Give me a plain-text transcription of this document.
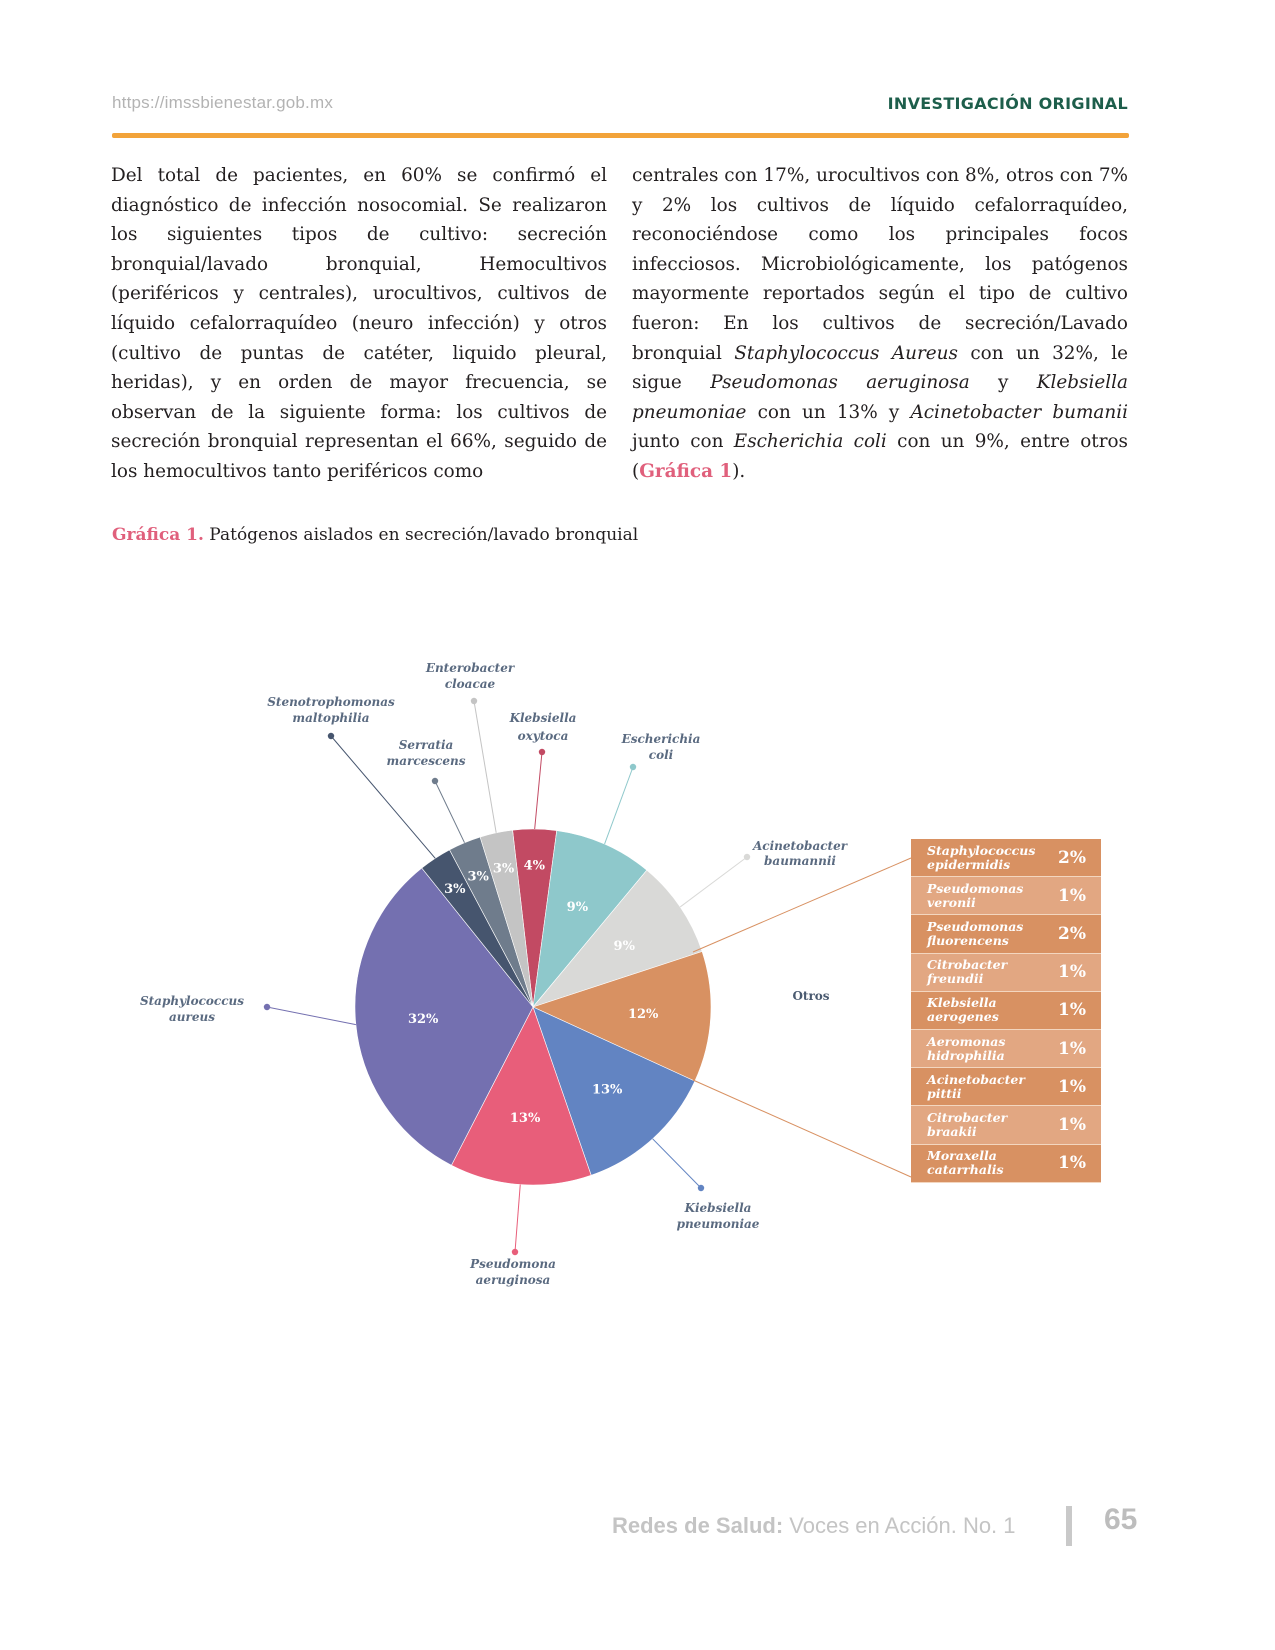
https://imssbienestar.gob.mx	INVESTIGACIÓN ORIGINAL
Del total de pacientes, en 60% se confirmó el diagnóstico de infección nosocomial. Se realizaron los siguientes tipos de cultivo: secreción bronquial/lavado bronquial, Hemocultivos (periféricos y centrales), urocultivos, cultivos de líquido cefalorraquídeo (neuro infección) y otros (cultivo de puntas de catéter, liquido pleural, heridas), y en orden de mayor frecuencia, se observan de la siguiente forma: los cultivos de secreción bronquial representan el 66%, seguido de los hemocultivos tanto periféricos como
centrales con 17%, urocultivos con 8%, otros con 7% y 2% los cultivos de líquido cefalorraquídeo, reconociéndose como los principales focos infecciosos. Microbiológicamente, los patógenos mayormente reportados según el tipo de cultivo fueron: En los cultivos de secreción/Lavado bronquial Staphylococcus Aureus con un 32%, le sigue Pseudomonas aeruginosa y Klebsiella pneumoniae con un 13% y Acinetobacter bumanii junto con Escherichia coli con un 9%, entre otros (Gráfica 1).
Gráfica 1. Patógenos aislados en secreción/lavado bronquial
4%
9%
9%
12%
13%
13%
32%
3%
3%
3%
Klebsiella
oxytoca	Escherichia
coli
Acinetobacter
baumannii
Kiebsiella
pneumoniae
Pseudomona
aeruginosa
Staphylococcus
aureus
Stenotrophomonas
maltophilia
Serratia
marcescens
Enterobacter
cloacae
Otros
Staphylococcus
epidermidis	2%
Pseudomonas
veronii	1%
Pseudomonas
fluorencens	2%
Citrobacter
freundii	1%
Klebsiella
aerogenes	1%
Aeromonas
hidrophilia	1%
Acinetobacter
pittii	1%
Citrobacter
braakii	1%
Moraxella
catarrhalis	1%
Redes de Salud: Voces en Acción. No. 1	65
